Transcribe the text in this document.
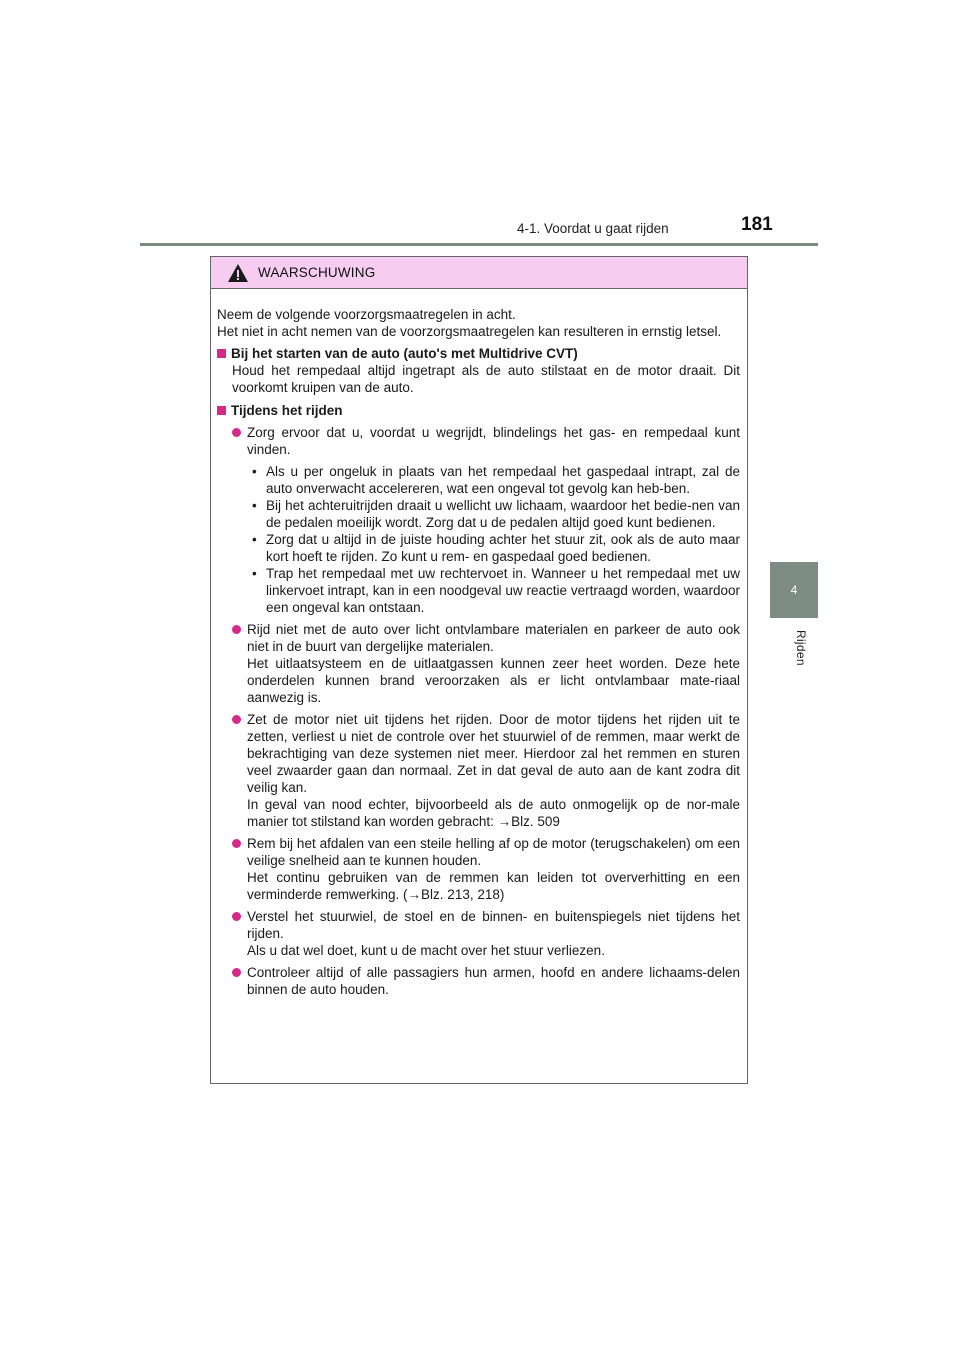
4-1. Voordat u gaat rijden	181
4
Rijden
WAARSCHUWING
Neem de volgende voorzorgsmaatregelen in acht.
Het niet in acht nemen van de voorzorgsmaatregelen kan resulteren in ernstig letsel.
Bij het starten van de auto (auto's met Multidrive CVT)
Houd het rempedaal altijd ingetrapt als de auto stilstaat en de motor draait. Dit voorkomt kruipen van de auto.
Tijdens het rijden

Zorg ervoor dat u, voordat u wegrijdt, blindelings het gas- en rempedaal kunt vinden.

• Als u per ongeluk in plaats van het rempedaal het gaspedaal intrapt, zal de auto onverwacht accelereren, wat een ongeval tot gevolg kan heb-ben.
• Bij het achteruitrijden draait u wellicht uw lichaam, waardoor het bedie-nen van de pedalen moeilijk wordt. Zorg dat u de pedalen altijd goed kunt bedienen.
• Zorg dat u altijd in de juiste houding achter het stuur zit, ook als de auto maar kort hoeft te rijden. Zo kunt u rem- en gaspedaal goed bedienen.
• Trap het rempedaal met uw rechtervoet in. Wanneer u het rempedaal met uw linkervoet intrapt, kan in een noodgeval uw reactie vertraagd worden, waardoor een ongeval kan ontstaan.

Rijd niet met de auto over licht ontvlambare materialen en parkeer de auto ook niet in de buurt van dergelijke materialen.

Het uitlaatsysteem en de uitlaatgassen kunnen zeer heet worden. Deze hete onderdelen kunnen brand veroorzaken als er licht ontvlambaar mate-riaal aanwezig is.

Zet de motor niet uit tijdens het rijden. Door de motor tijdens het rijden uit te zetten, verliest u niet de controle over het stuurwiel of de remmen, maar werkt de bekrachtiging van deze systemen niet meer. Hierdoor zal het remmen en sturen veel zwaarder gaan dan normaal. Zet in dat geval de auto aan de kant zodra dit veilig kan.

In geval van nood echter, bijvoorbeeld als de auto onmogelijk op de nor-male manier tot stilstand kan worden gebracht: →Blz. 509

Rem bij het afdalen van een steile helling af op de motor (terugschakelen) om een veilige snelheid aan te kunnen houden.

Het continu gebruiken van de remmen kan leiden tot oververhitting en een verminderde remwerking. (→Blz. 213, 218)

Verstel het stuurwiel, de stoel en de binnen- en buitenspiegels niet tijdens het rijden.

Als u dat wel doet, kunt u de macht over het stuur verliezen.

Controleer altijd of alle passagiers hun armen, hoofd en andere lichaams-delen binnen de auto houden.
